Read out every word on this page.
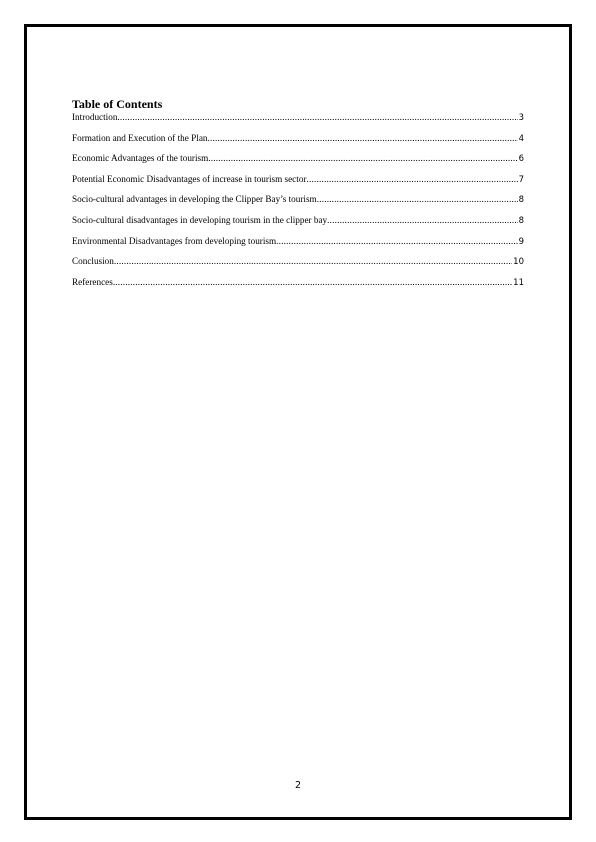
Table of Contents
Introduction .....	3
Formation and Execution of the Plan .....	4
Economic Advantages of the tourism .....	6
Potential Economic Disadvantages of increase in tourism sector .....	7
Socio-cultural advantages in developing the Clipper Bay’s tourism .....	8
Socio-cultural disadvantages in developing tourism in the clipper bay .....	8
Environmental Disadvantages from developing tourism .....	9
Conclusion .....	10
References .....	11
2
